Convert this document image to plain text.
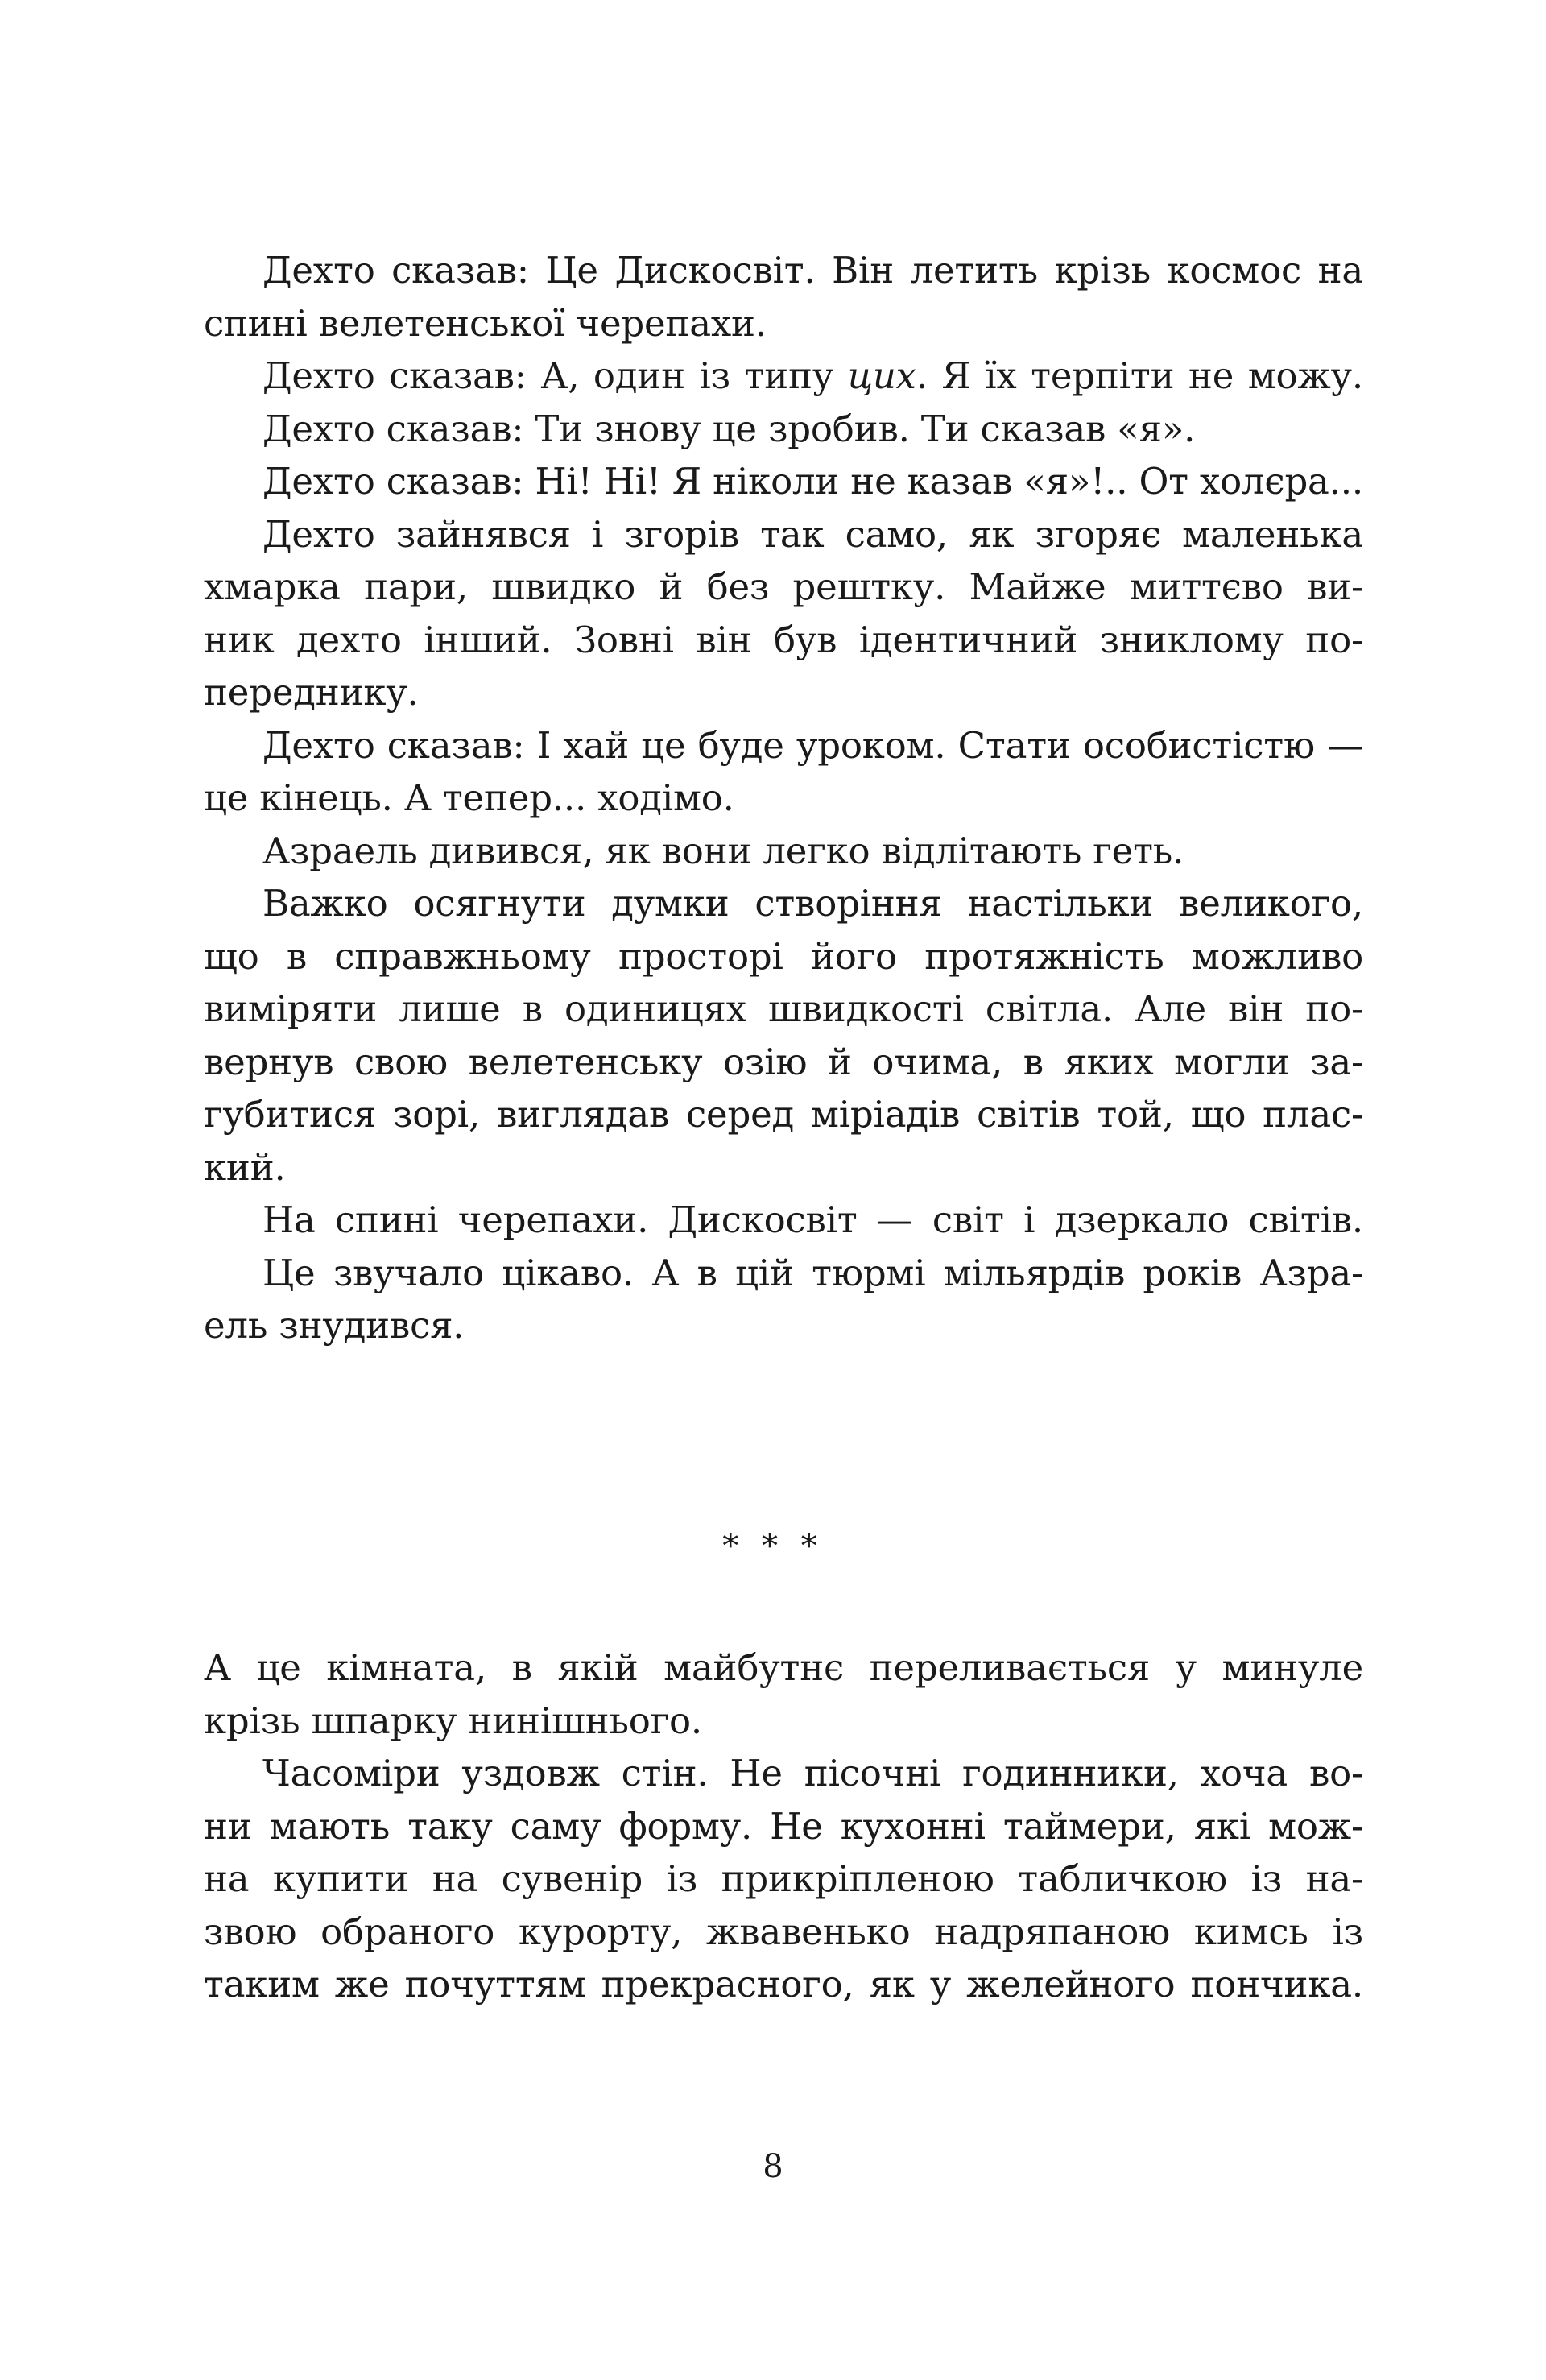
Дехто сказав: Це Дискосвіт. Він летить крізь космос на
спині велетенської черепахи.
Дехто сказав: А, один із типу цих. Я їх терпіти не можу.
Дехто сказав: Ти знову це зробив. Ти сказав «я».
Дехто сказав: Ні! Ні! Я ніколи не казав «я»!.. От холєра...
Дехто зайнявся і згорів так само, як згоряє маленька
хмарка пари, швидко й без рештку. Майже миттєво ви-
ник дехто інший. Зовні він був ідентичний зниклому по-
переднику.
Дехто сказав: І хай це буде уроком. Стати особистістю —
це кінець. А тепер... ходімо.
Азраель дивився, як вони легко відлітають геть.
Важко осягнути думки створіння настільки великого,
що в справжньому просторі його протяжність можливо
виміряти лише в одиницях швидкості світла. Але він по-
вернув свою велетенську озію й очима, в яких могли за-
губитися зорі, виглядав серед міріадів світів той, що плас-
кий.
На спині черепахи. Дискосвіт — світ і дзеркало світів.
Це звучало цікаво. А в цій тюрмі мільярдів років Азра-
ель знудився.
* * *
А це кімната, в якій майбутнє переливається у минуле
крізь шпарку нинішнього.
Часоміри уздовж стін. Не пісочні годинники, хоча во-
ни мають таку саму форму. Не кухонні таймери, які мож-
на купити на сувенір із прикріпленою табличкою із на-
звою обраного курорту, жвавенько надряпаною кимсь із
таким же почуттям прекрасного, як у желейного пончика.
8
